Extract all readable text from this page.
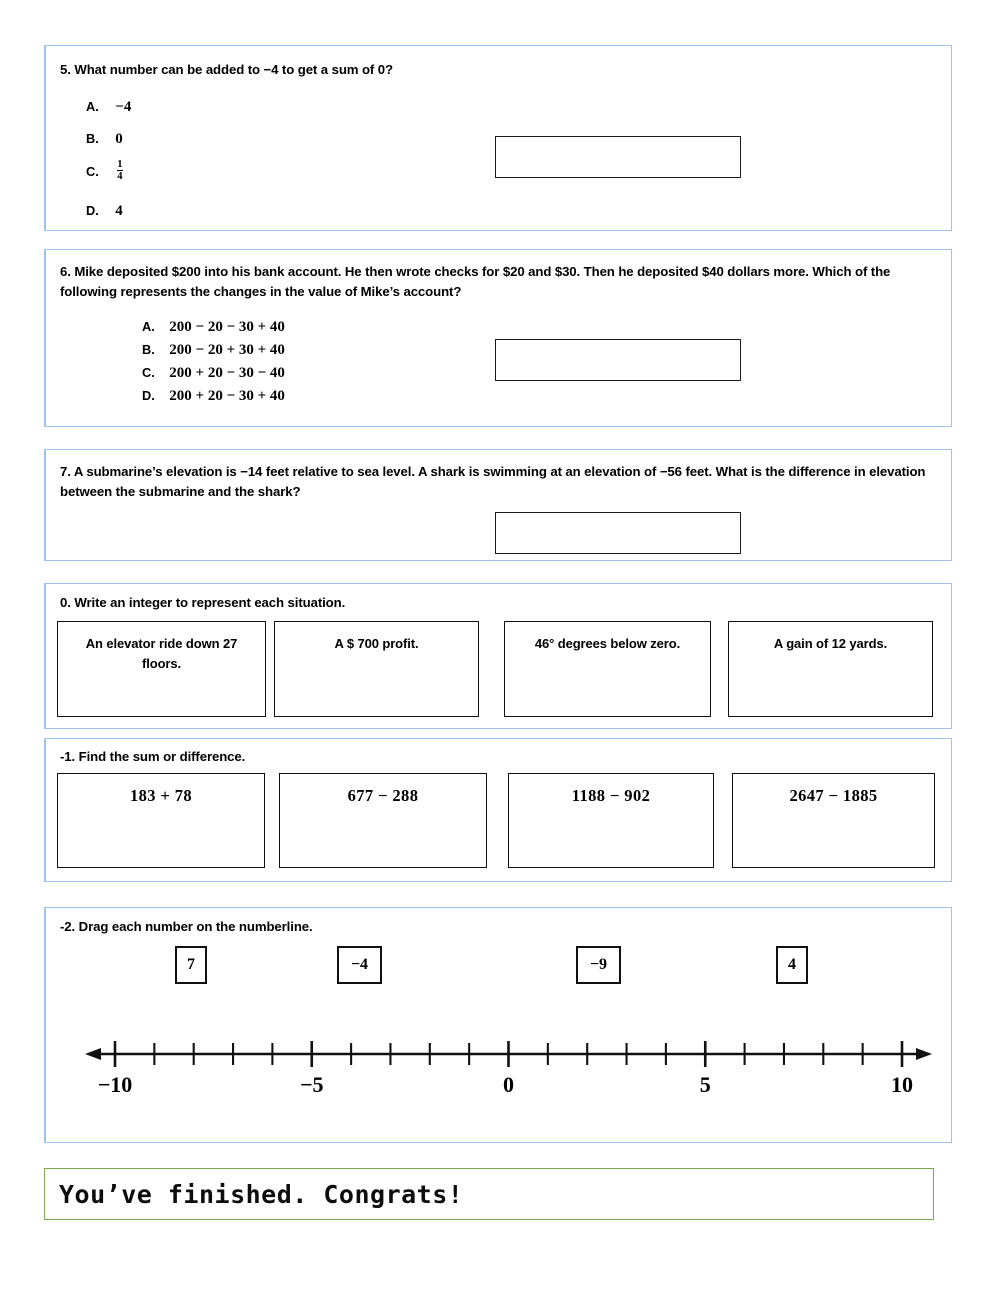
5. What number can be added to −4 to get a sum of 0?
A. −4
B. 0
C. $\frac{1}{4}$
D. 4
6. Mike deposited $200 into his bank account. He then wrote checks for $20 and $30. Then he deposited $40 dollars more. Which of the following represents the changes in the value of Mike’s account?
A. 200 − 20 − 30 + 40
B. 200 − 20 + 30 + 40
C. 200 + 20 − 30 − 40
D. 200 + 20 − 30 + 40
7. A submarine’s elevation is −14 feet relative to sea level. A shark is swimming at an elevation of −56 feet. What is the difference in elevation between the submarine and the shark?
0. Write an integer to represent each situation.
An elevator ride down 27 floors.
A $ 700 profit.	46° degrees below zero.	A gain of 12 yards.
-1. Find the sum or difference.
183 + 78	677 − 288	1188 − 902	2647 − 1885
-2. Drag each number on the numberline.
7	−4	−9	4
−10	−5	0	5	10
You’ve finished. Congrats!
